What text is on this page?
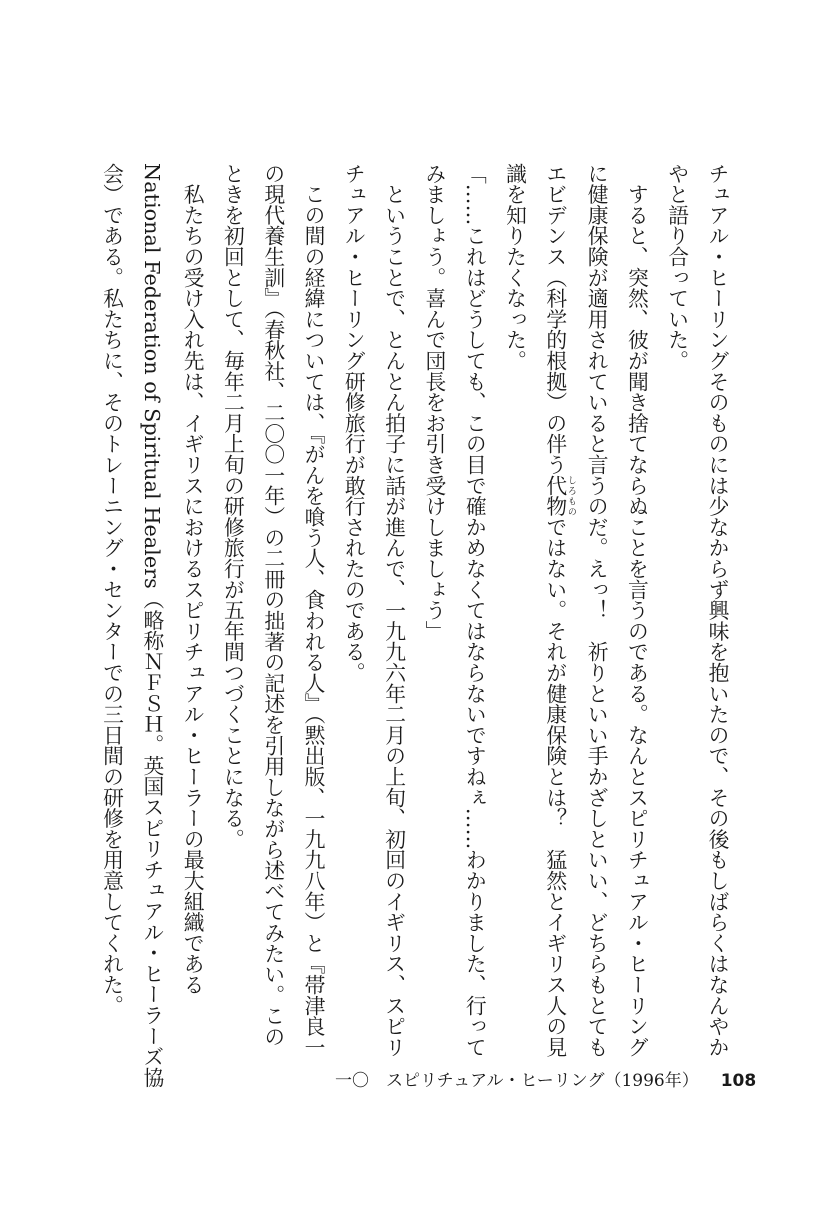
チュアル・ヒーリングそのものには少なからず興味を抱いたので、その後もしばらくはなんやか
やと語り合っていた。
　すると、突然、彼が聞き捨てならぬことを言うのである。なんとスピリチュアル・ヒーリング
に健康保険が適用されていると言うのだ。えっ！　祈りといい手かざしといい、どちらもとても
エビデンス（科学的根拠）の伴う代物 しろものではない。それが健康保険とは？　猛然とイギリス人の見
識を知りたくなった。
「……これはどうしても、この目で確かめなくてはならないですねぇ……わかりました、行って
みましょう。喜んで団長をお引き受けしましょう」
　ということで、とんとん拍子に話が進んで、一九九六年二月の上旬、初回のイギリス、スピリ
チュアル・ヒーリング研修旅行が敢行されたのである。
　この間の経緯については、『がんを喰う人、食われる人』（黙出版、一九九八年）と『帯津良一
の現代養生訓』（春秋社、二〇〇一年）の二冊の拙著の記述を引用しながら述べてみたい。この
ときを初回として、毎年二月上旬の研修旅行が五年間つづくことになる。
　私たちの受け入れ先は、イギリスにおけるスピリチュアル・ヒーラーの最大組織である
National Federation of Spiritual Healers（略称ＮＦＳＨ。英国スピリチュアル・ヒーラーズ協
会）である。私たちに、そのトレーニング・センターでの三日間の研修を用意してくれた。
一〇　スピリチュアル・ヒーリング（1996年） 108
